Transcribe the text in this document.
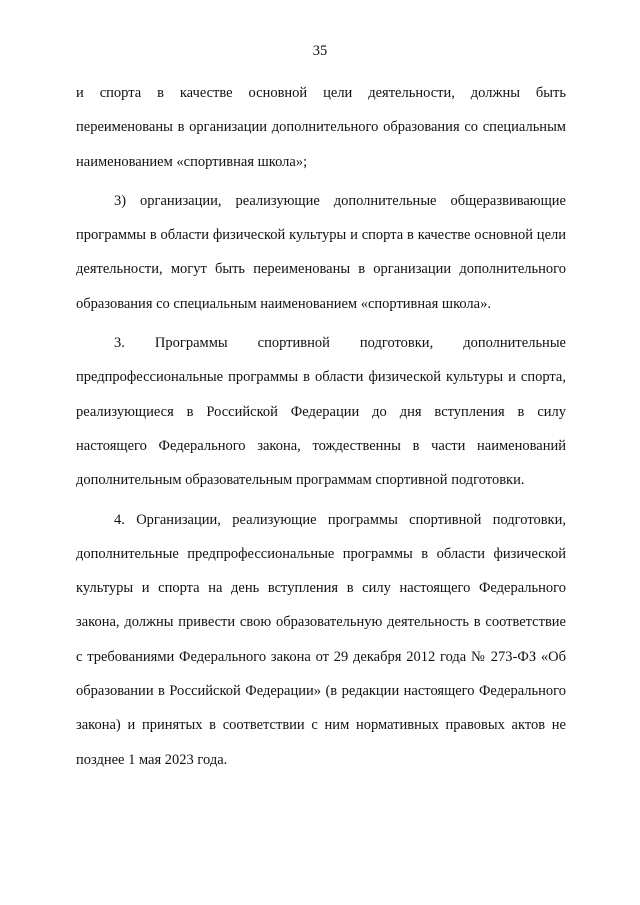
35

и спорта в качестве основной цели деятельности, должны быть переименованы в организации дополнительного образования со специальным наименованием «спортивная школа»;

3) организации, реализующие дополнительные общеразвивающие программы в области физической культуры и спорта в качестве основной цели деятельности, могут быть переименованы в организации дополнительного образования со специальным наименованием «спортивная школа».

3. Программы спортивной подготовки, дополнительные предпрофессиональные программы в области физической культуры и спорта, реализующиеся в Российской Федерации до дня вступления в силу настоящего Федерального закона, тождественны в части наименований дополнительным образовательным программам спортивной подготовки.

4. Организации, реализующие программы спортивной подготовки, дополнительные предпрофессиональные программы в области физической культуры и спорта на день вступления в силу настоящего Федерального закона, должны привести свою образовательную деятельность в соответствие с требованиями Федерального закона от 29 декабря 2012 года № 273-ФЗ «Об образовании в Российской Федерации» (в редакции настоящего Федерального закона) и принятых в соответствии с ним нормативных правовых актов не позднее 1 мая 2023 года.
